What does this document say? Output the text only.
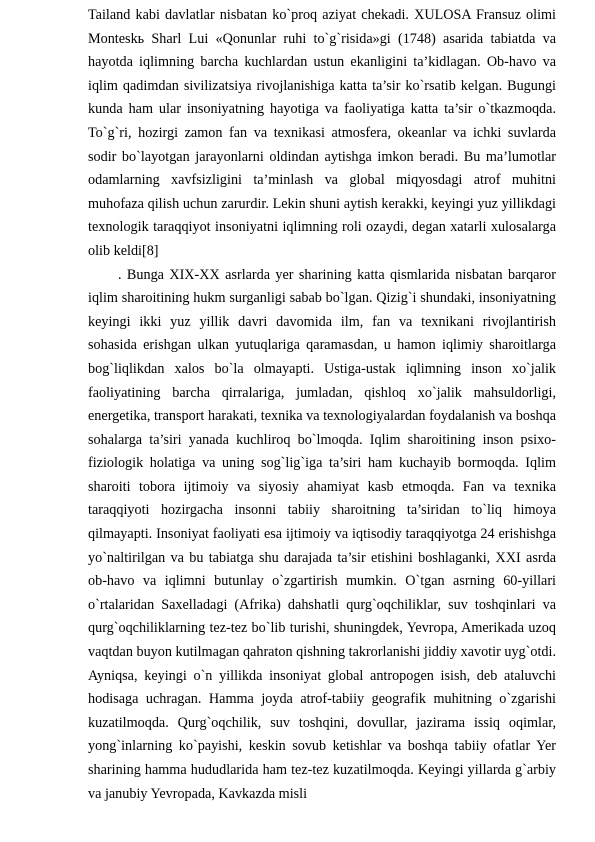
Tailand kabi davlatlar nisbatan ko`proq aziyat chekadi. XULOSA Fransuz olimi Monteskь Sharl Lui «Qonunlar ruhi to`g`risida»gi (1748) asarida tabiatda va hayotda iqlimning barcha kuchlardan ustun ekanligini ta’kidlagan. Ob-havo va iqlim qadimdan sivilizatsiya rivojlanishiga katta ta’sir ko`rsatib kelgan. Bugungi kunda ham ular insoniyatning hayotiga va faoliyatiga katta ta’sir o`tkazmoqda. To`g`ri, hozirgi zamon fan va texnikasi atmosfera, okeanlar va ichki suvlarda sodir bo`layotgan jarayonlarni oldindan aytishga imkon beradi. Bu ma’lumotlar odamlarning xavfsizligini ta’minlash va global miqyosdagi atrof muhitni muhofaza qilish uchun zarurdir. Lekin shuni aytish kerakki, keyingi yuz yillikdagi texnologik taraqqiyot insoniyatni iqlimning roli ozaydi, degan xatarli xulosalarga olib keldi[8]

. Bunga XIX-XX asrlarda yer sharining katta qismlarida nisbatan barqaror iqlim sharoitining hukm surganligi sabab bo`lgan. Qizig`i shundaki, insoniyatning keyingi ikki yuz yillik davri davomida ilm, fan va texnikani rivojlantirish sohasida erishgan ulkan yutuqlariga qaramasdan, u hamon iqlimiy sharoitlarga bog`liqlikdan xalos bo`la olmayapti. Ustiga-ustak iqlimning inson xo`jalik faoliyatining barcha qirralariga, jumladan, qishloq xo`jalik mahsuldorligi, energetika, transport harakati, texnika va texnologiyalardan foydalanish va boshqa sohalarga ta’siri yanada kuchliroq bo`lmoqda. Iqlim sharoitining inson psixo-fiziologik holatiga va uning sog`lig`iga ta’siri ham kuchayib bormoqda. Iqlim sharoiti tobora ijtimoiy va siyosiy ahamiyat kasb etmoqda. Fan va texnika taraqqiyoti hozirgacha insonni tabiiy sharoitning ta’siridan to`liq himoya qilmayapti. Insoniyat faoliyati esa ijtimoiy va iqtisodiy taraqqiyotga 24 erishishga yo`naltirilgan va bu tabiatga shu darajada ta’sir etishini boshlaganki, XXI asrda ob-havo va iqlimni butunlay o`zgartirish mumkin. O`tgan asrning 60-yillari o`rtalaridan Saxelladagi (Afrika) dahshatli qurg`oqchiliklar, suv toshqinlari va qurg`oqchiliklarning tez-tez bo`lib turishi, shuningdek, Yevropa, Amerikada uzoq vaqtdan buyon kutilmagan qahraton qishning takrorlanishi jiddiy xavotir uyg`otdi. Ayniqsa, keyingi o`n yillikda insoniyat global antropogen isish, deb ataluvchi hodisaga uchragan. Hamma joyda atrof-tabiiy geografik muhitning o`zgarishi kuzatilmoqda. Qurg`oqchilik, suv toshqini, dovullar, jazirama issiq oqimlar, yong`inlarning ko`payishi, keskin sovub ketishlar va boshqa tabiiy ofatlar Yer sharining hamma hududlarida ham tez-tez kuzatilmoqda. Keyingi yillarda g`arbiy va janubiy Yevropada, Kavkazda misli
